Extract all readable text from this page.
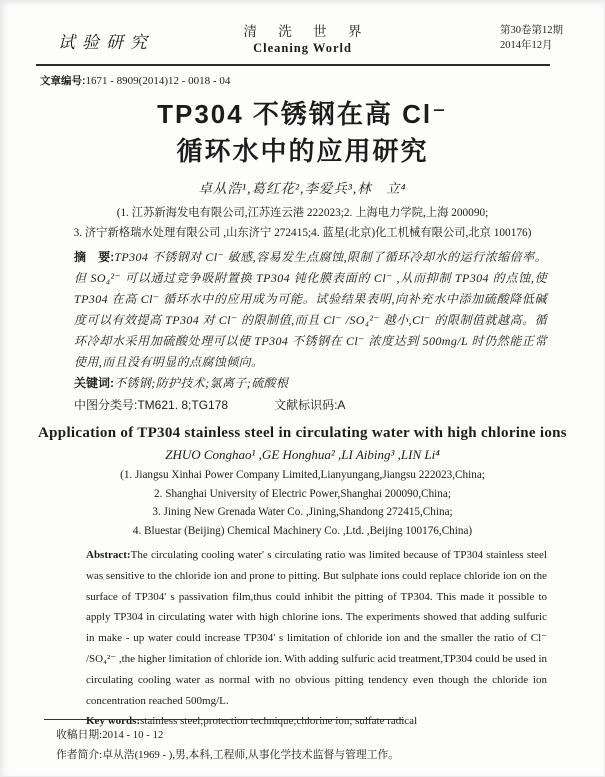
试验研究
清 洗 世 界
Cleaning World
第30卷第12期
2014年12月
文章编号:1671 - 8909(2014)12 - 0018 - 04
TP304 不锈钢在高 Cl⁻
循环水中的应用研究
卓从浩¹,葛红花²,李爱兵³,林　立⁴
(1. 江苏新海发电有限公司,江苏连云港 222023;2. 上海电力学院,上海 200090;
3. 济宁新格瑞水处理有限公司 ,山东济宁 272415;4. 蓝星(北京)化工机械有限公司,北京 100176)
摘　要:TP304 不锈钢对 Cl⁻ 敏感,容易发生点腐蚀,限制了循环冷却水的运行浓缩倍率。但 SO₄²⁻ 可以通过竞争吸附置换 TP304 钝化膜表面的 Cl⁻ ,从而抑制 TP304 的点蚀,使 TP304 在高 Cl⁻ 循环水中的应用成为可能。试验结果表明,向补充水中添加硫酸降低碱度可以有效提高 TP304 对 Cl⁻ 的限制值,而且 Cl⁻ /SO₄²⁻ 越小,Cl⁻ 的限制值就越高。循环冷却水采用加硫酸处理可以使 TP304 不锈钢在 Cl⁻ 浓度达到 500mg/L 时仍然能正常使用,而且没有明显的点腐蚀倾向。
关键词:不锈钢;防护技术;氯离子;硫酸根
中图分类号:TM621. 8;TG178	文献标识码:A
Application of TP304 stainless steel in circulating water with high chlorine ions
ZHUO Conghao¹ ,GE Honghua² ,LI Aibing³ ,LIN Li⁴
(1. Jiangsu Xinhai Power Company Limited,Lianyungang,Jiangsu 222023,China;
2. Shanghai University of Electric Power,Shanghai 200090,China;
3. Jining New Grenada Water Co. ,Jining,Shandong 272415,China;
4. Bluestar (Beijing) Chemical Machinery Co. ,Ltd. ,Beijing 100176,China)
Abstract:The circulating cooling water' s circulating ratio was limited because of TP304 stainless steel was sensitive to the chloride ion and prone to pitting. But sulphate ions could replace chloride ion on the surface of TP304' s passivation film,thus could inhibit the pitting of TP304. This made it possible to apply TP304 in circulating water with high chlorine ions. The experiments showed that adding sulfuric in make - up water could increase TP304' s limitation of chloride ion and the smaller the ratio of Cl⁻ /SO₄²⁻ ,the higher limitation of chloride ion. With adding sulfuric acid treatment,TP304 could be used in circulating cooling water as normal with no obvious pitting tendency even though the chloride ion concentration reached 500mg/L.
Key words:stainless steel;protection technique;chlorine ion; sulfate radical
收稿日期:2014 - 10 - 12
作者简介:卓从浩(1969 - ),男,本科,工程师,从事化学技术监督与管理工作。
